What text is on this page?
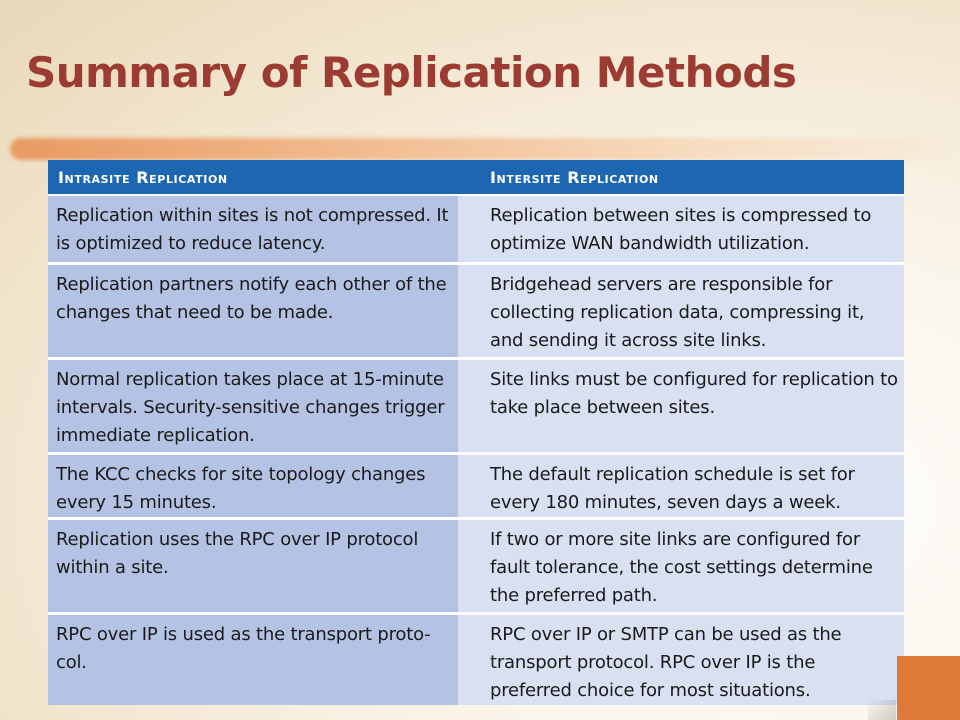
Summary of Replication Methods
Intrasite Replication	Intersite Replication
Replication within sites is not compressed. It is optimized to reduce latency.	Replication between sites is compressed to optimize WAN bandwidth utilization.
Replication partners notify each other of the changes that need to be made.	Bridgehead servers are responsible for collecting replication data, compressing it, and sending it across site links.
Normal replication takes place at 15-minute intervals. Security-sensitive changes trigger immediate replication.	Site links must be configured for replication to take place between sites.
The KCC checks for site topology changes every 15 minutes.	The default replication schedule is set for every 180 minutes, seven days a week.
Replication uses the RPC over IP protocol within a site.	If two or more site links are configured for fault tolerance, the cost settings determine the preferred path.
RPC over IP is used as the transport proto-col.	RPC over IP or SMTP can be used as the transport protocol. RPC over IP is the preferred choice for most situations.
